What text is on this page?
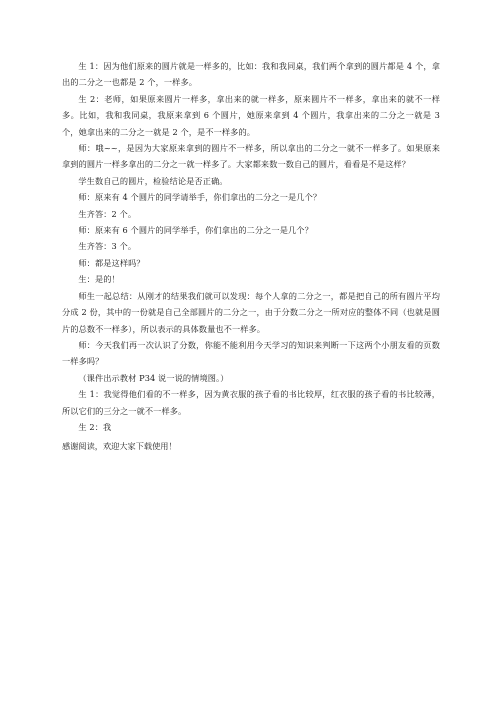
生 1：因为他们原来的圆片就是一样多的，比如：我和我同桌，我们两个拿到的圆片都是 4 个，拿出的二分之一也都是 2 个，一样多。

生 2：老师，如果原来圆片一样多，拿出来的就一样多，原来圆片不一样多，拿出来的就不一样多。比如，我和我同桌，我原来拿到 6 个圆片，她原来拿到 4 个圆片，我拿出来的二分之一就是 3 个，她拿出来的二分之一就是 2 个，是不一样多的。

师：哦~~，是因为大家原来拿到的圆片不一样多，所以拿出的二分之一就不一样多了。如果原来拿到的圆片一样多拿出的二分之一就一样多了。大家都来数一数自己的圆片，看看是不是这样？

学生数自己的圆片，检验结论是否正确。

师：原来有 4 个圆片的同学请举手，你们拿出的二分之一是几个？

生齐答：2 个。

师：原来有 6 个圆片的同学举手，你们拿出的二分之一是几个？

生齐答：3 个。

师：都是这样吗？

生：是的！

师生一起总结：从刚才的结果我们就可以发现：每个人拿的二分之一，都是把自己的所有圆片平均分成 2 份，其中的一份就是自己全部圆片的二分之一，由于分数二分之一所对应的整体不同（也就是圆片的总数不一样多），所以表示的具体数量也不一样多。

师：今天我们再一次认识了分数，你能不能利用今天学习的知识来判断一下这两个小朋友看的页数一样多吗？

（课件出示教材 P34 说一说的情境图。）

生 1：我觉得他们看的不一样多，因为黄衣服的孩子看的书比较厚，红衣服的孩子看的书比较薄，所以它们的三分之一就不一样多。

生 2：我

感谢阅读，欢迎大家下载使用！
